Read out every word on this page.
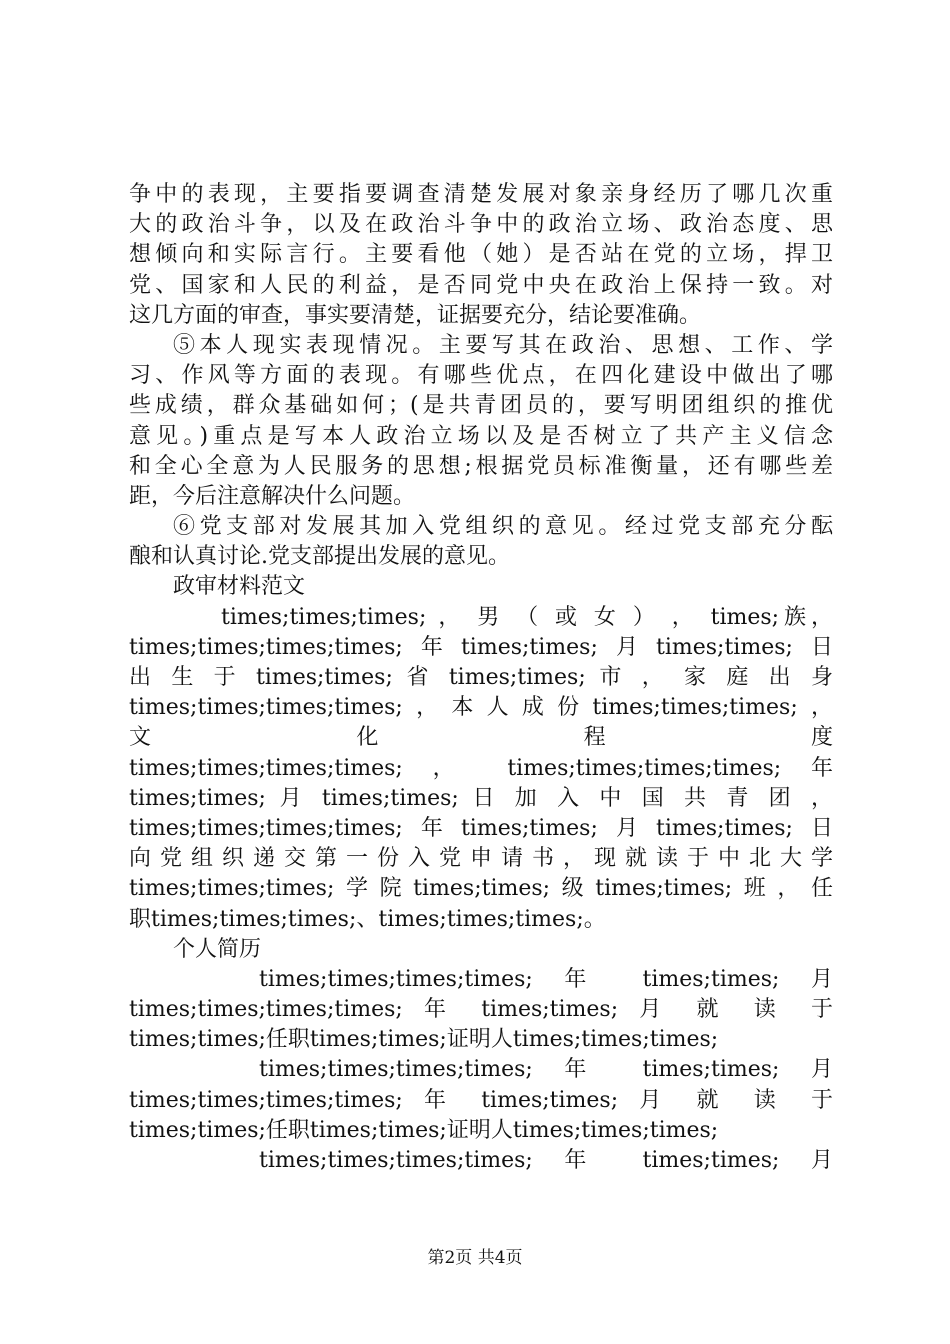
争中的表现，主要指要调查清楚发展对象亲身经历了哪几次重
大的政治斗争，以及在政治斗争中的政治立场、政治态度、思
想倾向和实际言行。主要看他（她）是否站在党的立场，捍卫
党、国家和人民的利益，是否同党中央在政治上保持一致。对
这几方面的审查，事实要清楚，证据要充分，结论要准确。
⑤本人现实表现情况。主要写其在政治、思想、工作、学
习、作风等方面的表现。有哪些优点，在四化建设中做出了哪
些成绩，群众基础如何；(是共青团员的，要写明团组织的推优
意见。)重点是写本人政治立场以及是否树立了共产主义信念
和全心全意为人民服务的思想;根据党员标准衡量，还有哪些差
距，今后注意解决什么问题。
⑥党支部对发展其加入党组织的意见。经过党支部充分酝
酿和认真讨论.党支部提出发展的意见。
政审材料范文
times;times;times; ， 男 （ 或 女 ） ， times;族，
times;times;times;times;年times;times;月times;times;日
出 生 于 times;times; 省 times;times; 市 ， 家 庭 出 身
times;times;times;times;，本人成份times;times;times;，
文 化 程 度
times;times;times;times; ， times;times;times;times; 年
times;times; 月 times;times; 日 加 入 中 国 共 青 团 ，
times;times;times;times;年times;times;月times;times;日
向党组织递交第一份入党申请书，现就读于中北大学
times;times;times;学院times;times;级times;times;班，任
职times;times;times;、times;times;times;。
个人简历
times;times;times;times; 年 times;times; 月
times;times;times;times; 年 times;times; 月 就 读 于
times;times;任职times;times;证明人times;times;times;
times;times;times;times; 年 times;times; 月
times;times;times;times; 年 times;times; 月 就 读 于
times;times;任职times;times;证明人times;times;times;
times;times;times;times; 年 times;times; 月
第2页 共4页
